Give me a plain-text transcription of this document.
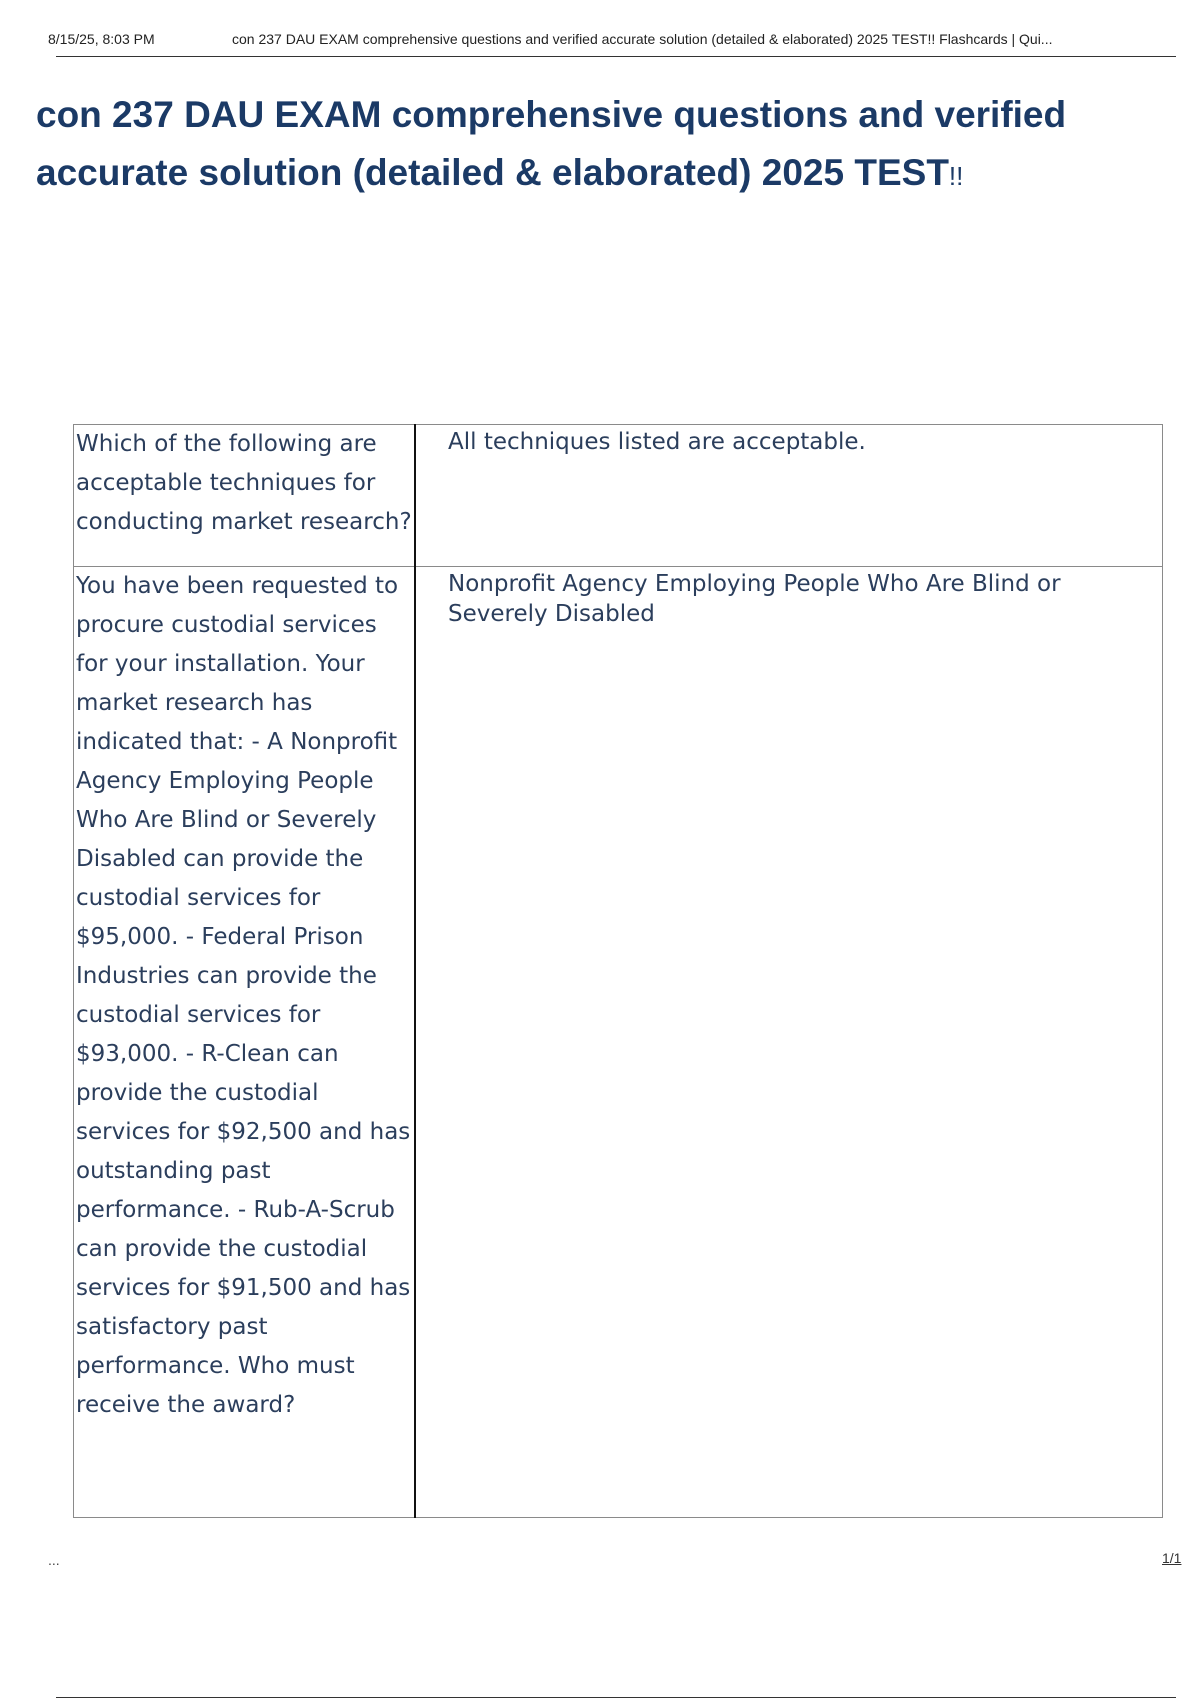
8/15/25, 8:03 PM	con 237 DAU EXAM comprehensive questions and verified accurate solution (detailed & elaborated) 2025 TEST!! Flashcards | Qui...
con 237 DAU EXAM comprehensive questions and verified accurate solution (detailed & elaborated) 2025 TEST!!
Which of the following are acceptable techniques for conducting market research?	All techniques listed are acceptable.
You have been requested to procure custodial services for your installation. Your market research has indicated that: - A Nonprofit Agency Employing People Who Are Blind or Severely Disabled can provide the custodial services for $95,000. - Federal Prison Industries can provide the custodial services for $93,000. - R-Clean can provide the custodial services for $92,500 and has outstanding past performance. - Rub-A-Scrub can provide the custodial services for $91,500 and has satisfactory past performance. Who must receive the award?	Nonprofit Agency Employing People Who Are Blind or Severely Disabled
...	1/1
